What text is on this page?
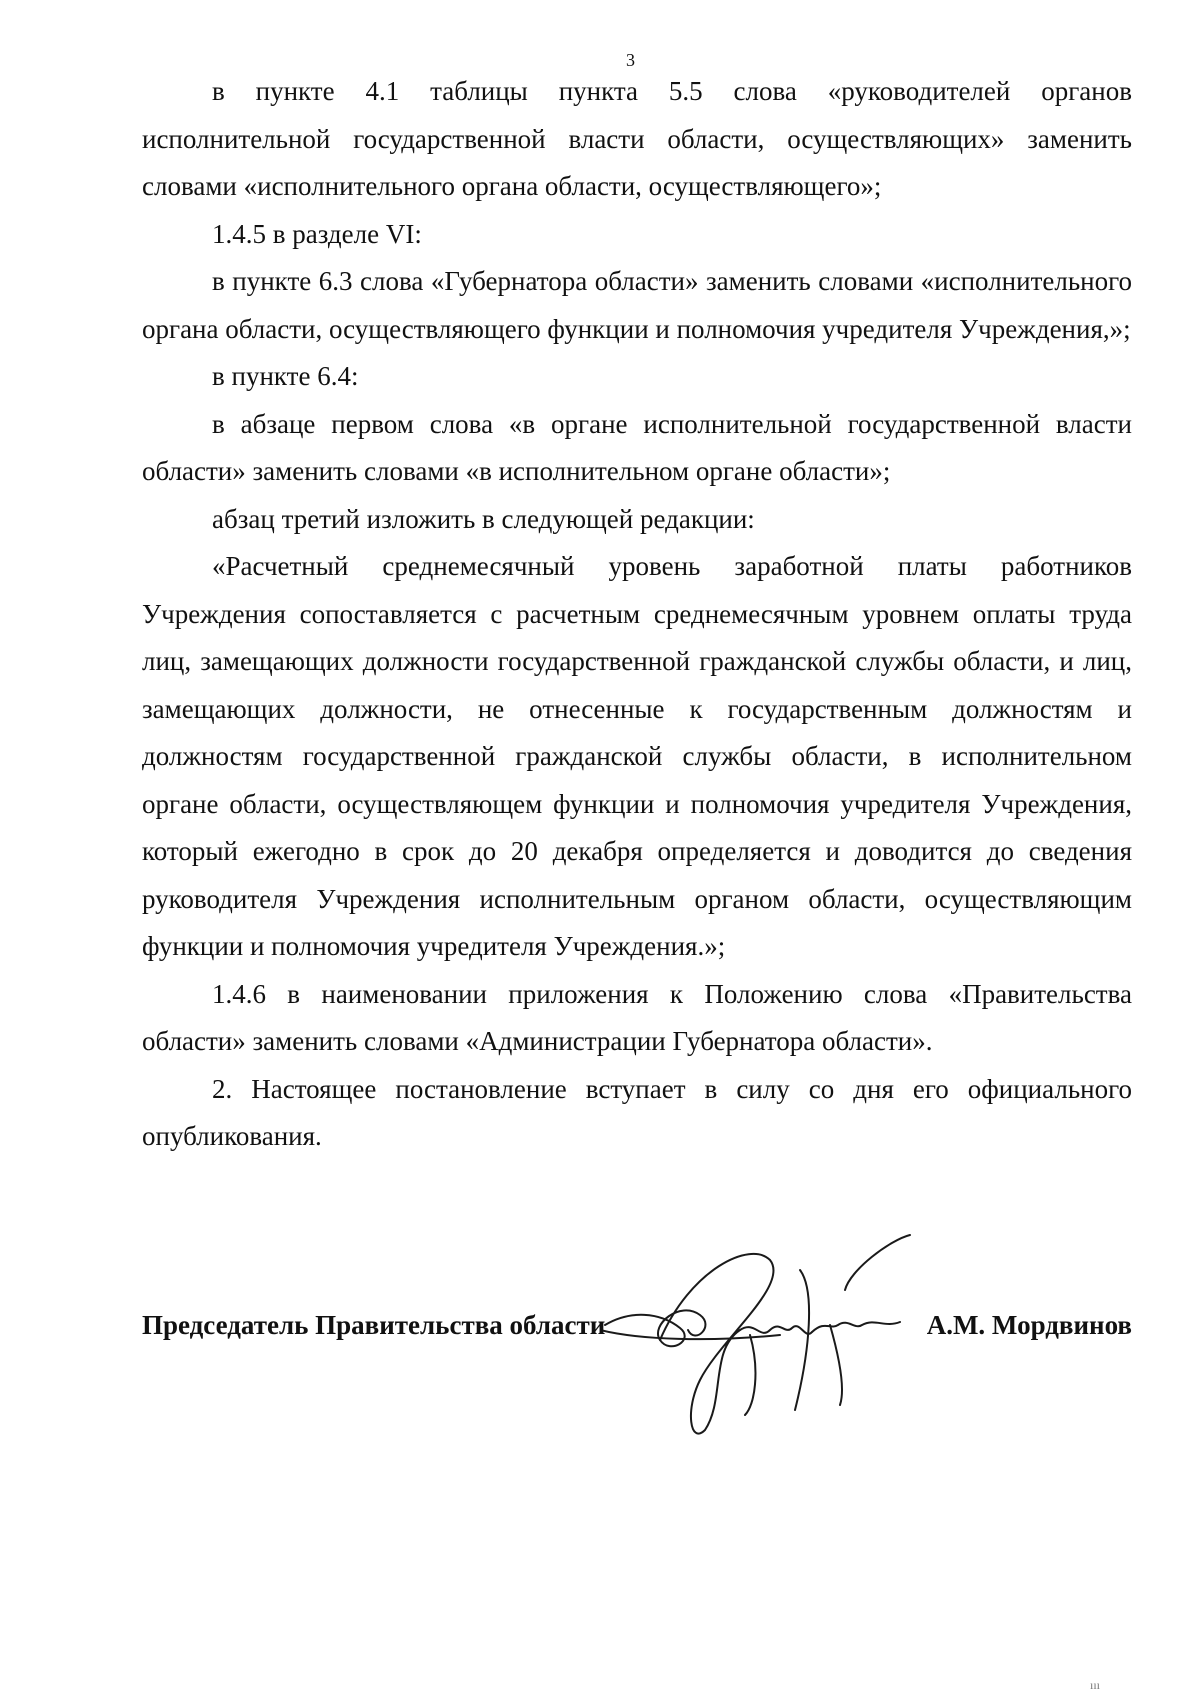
3

в пункте 4.1 таблицы пункта 5.5 слова «руководителей органов исполнительной государственной власти области, осуществляющих» заменить словами «исполнительного органа области, осуществляющего»;

1.4.5 в разделе VI:

в пункте 6.3 слова «Губернатора области» заменить словами «исполнительного органа области, осуществляющего функции и полномочия учредителя Учреждения,»;

в пункте 6.4:

в абзаце первом слова «в органе исполнительной государственной власти области» заменить словами «в исполнительном органе области»;

абзац третий изложить в следующей редакции:

«Расчетный среднемесячный уровень заработной платы работников Учреждения сопоставляется с расчетным среднемесячным уровнем оплаты труда лиц, замещающих должности государственной гражданской службы области, и лиц, замещающих должности, не отнесенные к государственным должностям и должностям государственной гражданской службы области, в исполнительном органе области, осуществляющем функции и полномочия учредителя Учреждения, который ежегодно в срок до 20 декабря определяется и доводится до сведения руководителя Учреждения исполнительным органом области, осуществляющим функции и полномочия учредителя Учреждения.»;

1.4.6 в наименовании приложения к Положению слова «Правительства области» заменить словами «Администрации Губернатора области».

2. Настоящее постановление вступает в силу со дня его официального опубликования.

Председатель Правительства области	А.М. Мордвинов
ııı
